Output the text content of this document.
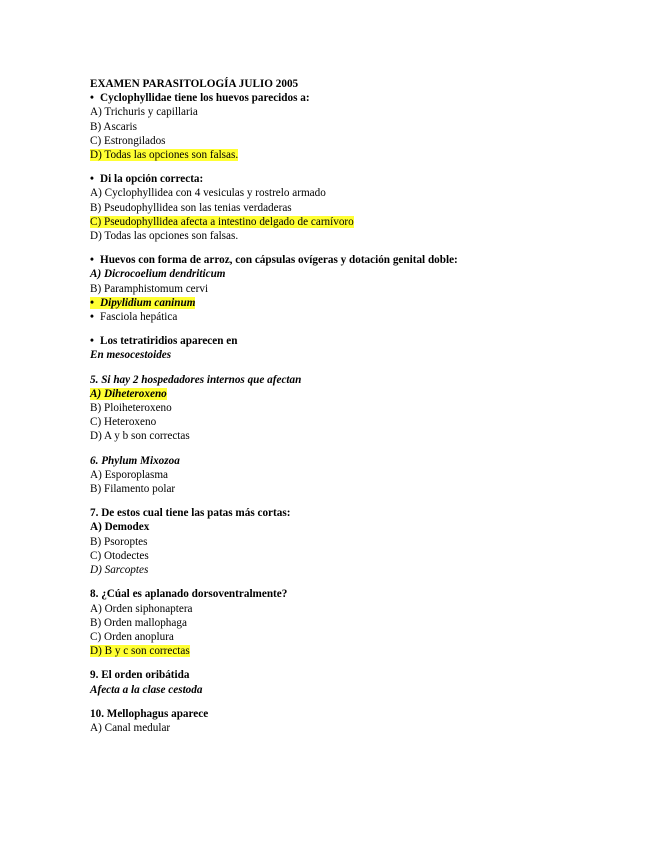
EXAMEN PARASITOLOGÍA JULIO 2005
• Cyclophyllidae tiene los huevos parecidos a:
A) Trichuris y capillaria
B) Ascaris
C) Estrongilados
D) Todas las opciones son falsas.
• Di la opción correcta:
A) Cyclophyllidea con 4 vesiculas y rostrelo armado
B) Pseudophyllidea son las tenias verdaderas
C) Pseudophyllidea afecta a intestino delgado de carnívoro
D) Todas las opciones son falsas.
• Huevos con forma de arroz, con cápsulas ovígeras y dotación genital doble:
A) Dicrocoelium dendriticum
B) Paramphistomum cervi
• Dipylidium caninum
• Fasciola hepática
• Los tetratiridios aparecen en
En mesocestoides
5. Si hay 2 hospedadores internos que afectan
A) Diheteroxeno
B) Ploiheteroxeno
C) Heteroxeno
D) A y b son correctas
6. Phylum Mixozoa
A) Esporoplasma
B) Filamento polar
7. De estos cual tiene las patas más cortas:
A) Demodex
B) Psoroptes
C) Otodectes
D) Sarcoptes
8. ¿Cúal es aplanado dorsoventralmente?
A) Orden siphonaptera
B) Orden mallophaga
C) Orden anoplura
D) B y c son correctas
9. El orden oribátida
Afecta a la clase cestoda
10. Mellophagus aparece
A) Canal medular
